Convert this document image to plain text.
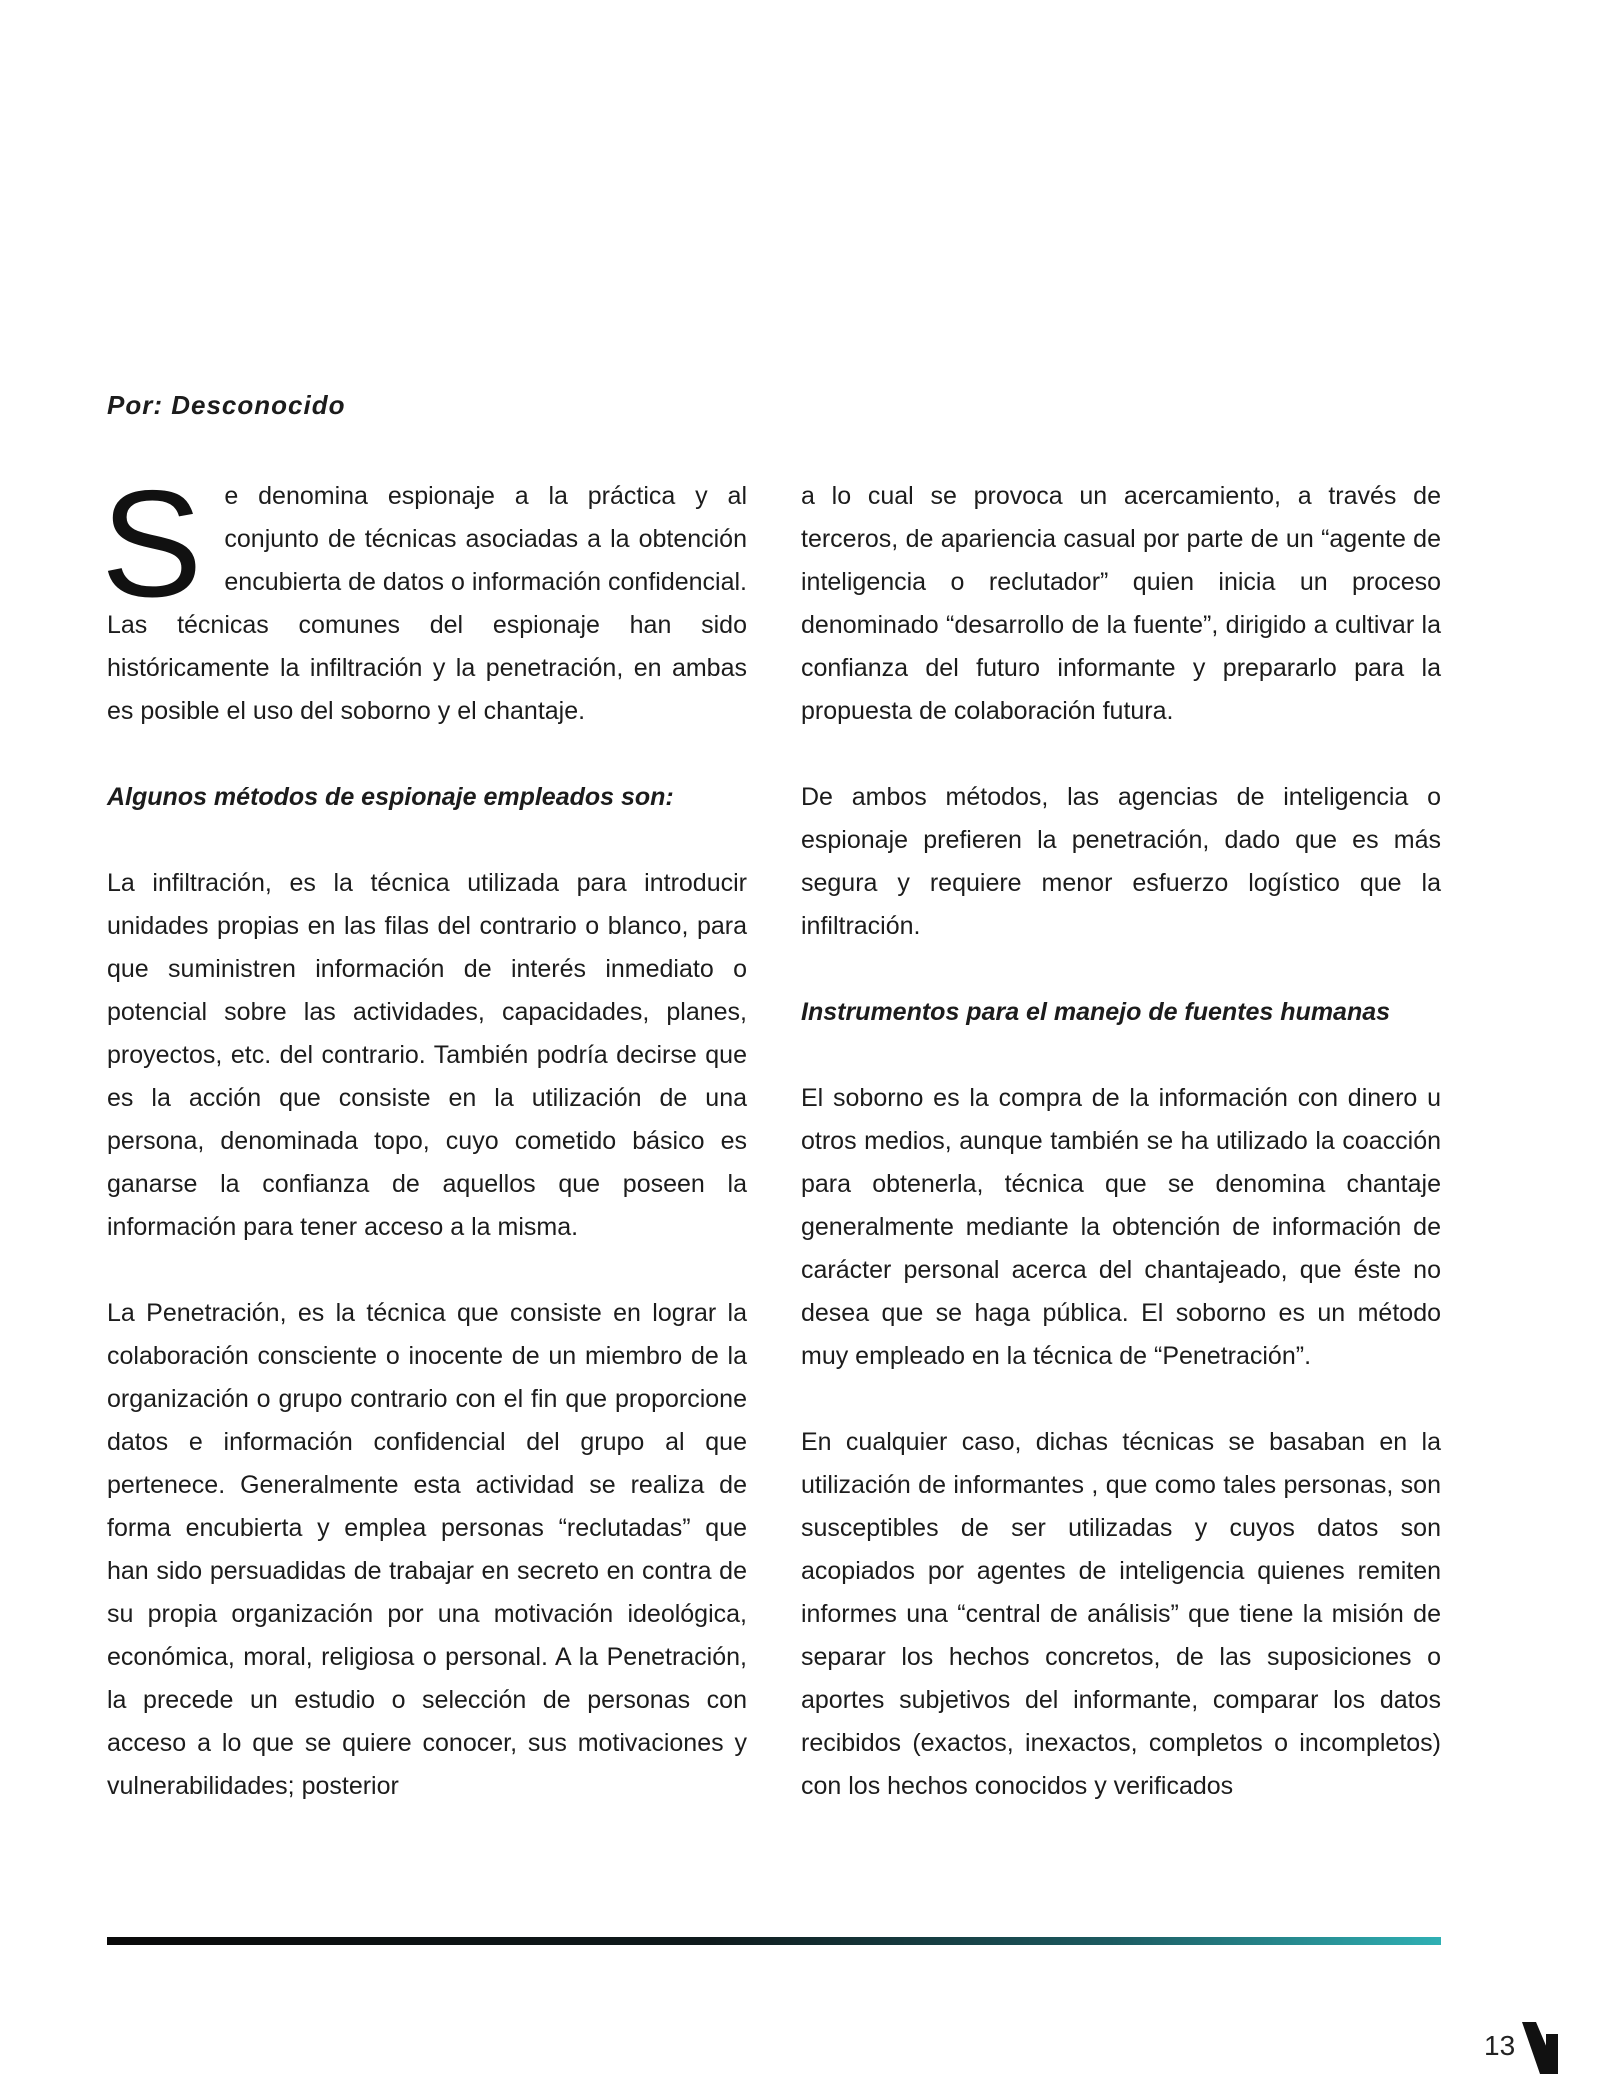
Por: Desconocido

Se denomina espionaje a la práctica y al conjunto de técnicas asociadas a la obtención encubierta de datos o información confidencial. Las técnicas comunes del espionaje han sido históricamente la infiltración y la penetración, en ambas es posible el uso del soborno y el chantaje.

Algunos métodos de espionaje empleados son:

La infiltración, es la técnica utilizada para introducir unidades propias en las filas del contrario o blanco, para que suministren información de interés inmediato o potencial sobre las actividades, capacidades, planes, proyectos, etc. del contrario. También podría decirse que es la acción que consiste en la utilización de una persona, denominada topo, cuyo cometido básico es ganarse la confianza de aquellos que poseen la información para tener acceso a la misma.

La Penetración, es la técnica que consiste en lograr la colaboración consciente o inocente de un miembro de la organización o grupo contrario con el fin que proporcione datos e información confidencial del grupo al que pertenece. Generalmente esta actividad se realiza de forma encubierta y emplea personas “reclutadas” que han sido persuadidas de trabajar en secreto en contra de su propia organización por una motivación ideológica, económica, moral, religiosa o personal. A la Penetración, la precede un estudio o selección de personas con acceso a lo que se quiere conocer, sus motivaciones y vulnerabilidades; posterior

a lo cual se provoca un acercamiento, a través de terceros, de apariencia casual por parte de un “agente de inteligencia o reclutador” quien inicia un proceso denominado “desarrollo de la fuente”, dirigido a cultivar la confianza del futuro informante y prepararlo para la propuesta de colaboración futura.

De ambos métodos, las agencias de inteligencia o espionaje prefieren la penetración, dado que es más segura y requiere menor esfuerzo logístico que la infiltración.

Instrumentos para el manejo de fuentes humanas

El soborno es la compra de la información con dinero u otros medios, aunque también se ha utilizado la coacción para obtenerla, técnica que se denomina chantaje generalmente mediante la obtención de información de carácter personal acerca del chantajeado, que éste no desea que se haga pública. El soborno es un método muy empleado en la técnica de “Penetración”.

En cualquier caso, dichas técnicas se basaban en la utilización de informantes , que como tales personas, son susceptibles de ser utilizadas y cuyos datos son acopiados por agentes de inteligencia quienes remiten informes una “central de análisis” que tiene la misión de separar los hechos concretos, de las suposiciones o aportes subjetivos del informante, comparar los datos recibidos (exactos, inexactos, completos o incompletos) con los hechos conocidos y verificados

13
